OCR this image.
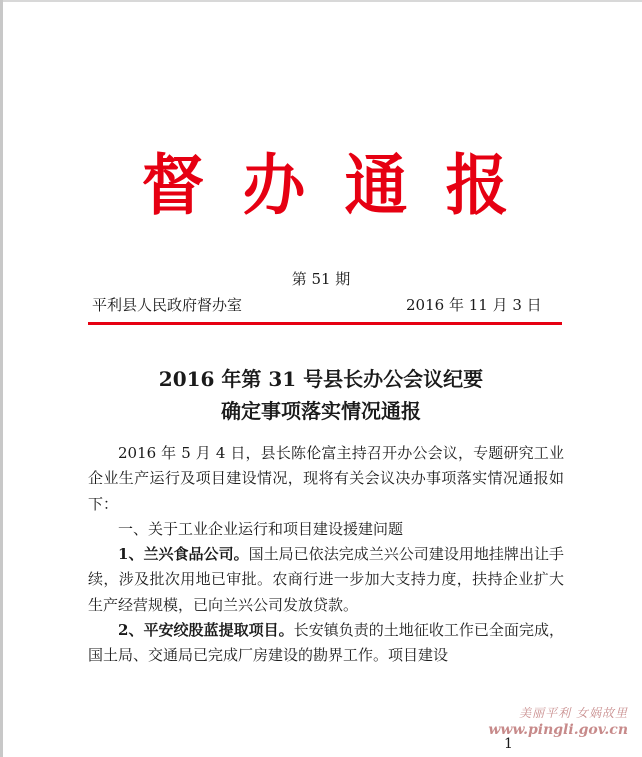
督 办 通 报
第 51 期
平利县人民政府督办室	2016 年 11 月 3 日
2016 年第 31 号县长办公会议纪要
确定事项落实情况通报

2016 年 5 月 4 日，县长陈伦富主持召开办公会议，专题研究工业企业生产运行及项目建设情况，现将有关会议决办事项落实情况通报如下：

一、关于工业企业运行和项目建设援建问题

1、兰兴食品公司。国土局已依法完成兰兴公司建设用地挂牌出让手续，涉及批次用地已审批。农商行进一步加大支持力度，扶持企业扩大生产经营规模，已向兰兴公司发放贷款。

2、平安绞股蓝提取项目。长安镇负责的土地征收工作已全面完成，国土局、交通局已完成厂房建设的勘界工作。项目建设

美丽平利 女娲故里
www.pingli.gov.cn
1
